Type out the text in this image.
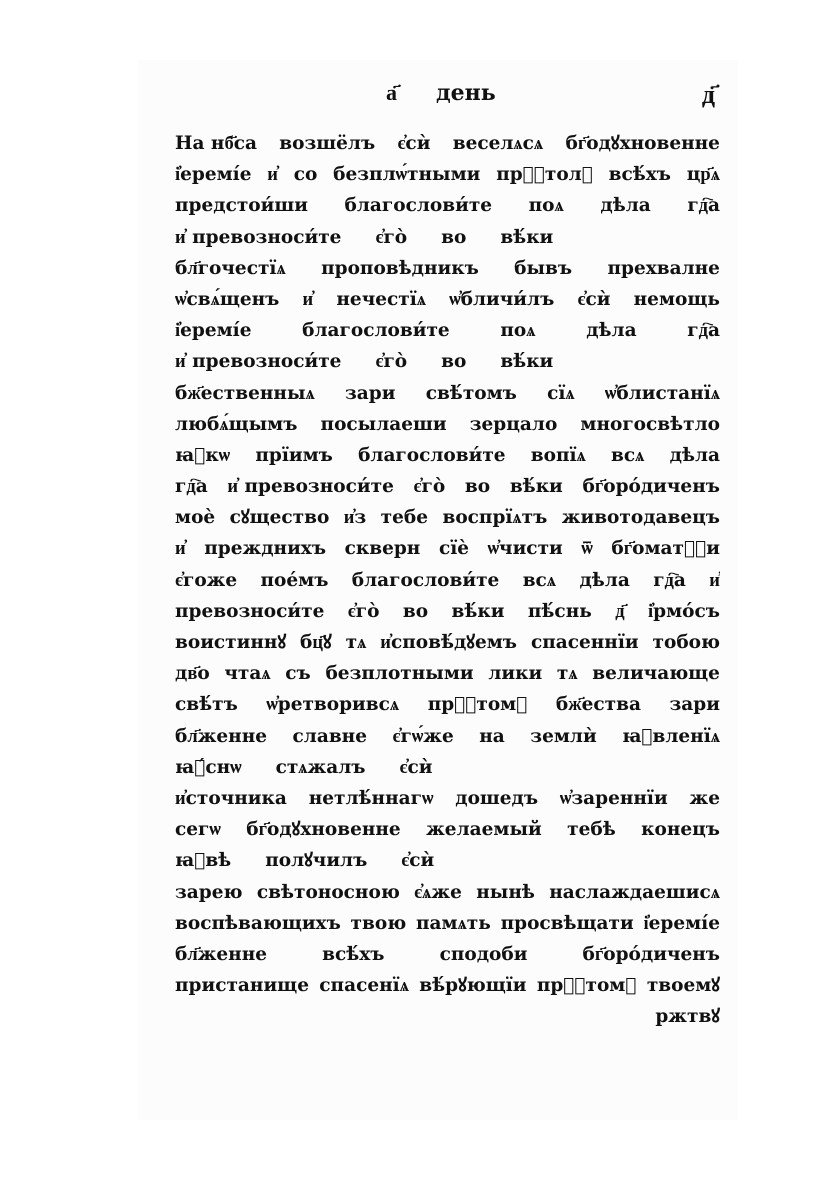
а҃ день	д҃
На нб҃са возшёлъ є҆сѝ веселѧсѧ бг҃одꙋхновенне
і҆еремі́е и҆ со безплѡ́тными прⷭ҇толꙋ всѣ́хъ цр҃ѧ
предстои́ши благослови́те поѧ дѣла гд҇а
и҆ превозноси́те є҆го̀ во вѣ́ки
бл҃гочестїѧ проповѣдникъ бывъ прехвалне
ѡ҆свѧ́щенъ и҆ нечестїѧ ѡ҆бличи́лъ є҆сѝ немощь
і҆еремі́е	благослови́те	поѧ	дѣла	гд҇а
и҆ превозноси́те є҆го̀ во вѣ́ки
бж҃ественныѧ зари свѣ́томъ сїѧ ѡ҆блистанїѧ
любѧ́щымъ посылаеши зерцало многосвѣтло
ꙗ҆кѡ прїимъ благослови́те вопїѧ всѧ дѣла
гд҇а и҆ превозноси́те є҆го̀ во вѣ́ки бг҃оро́диченъ
моѐ сꙋщество и҆з тебе воспрїѧтъ животодавецъ
и҆ прежднихъ скверн сїѐ ѡ҆чисти ѿ бг҃оматⷭ҇и
є҆гоже пое́мъ благослови́те всѧ дѣла гд҇а и҆
превозноси́те є҆го̀ во вѣ́ки пѣ́снь д҃ і҆рмо́съ
воистиннꙋ бц҃ꙋ тѧ и҆сповѣ́дꙋемъ спасеннїи тобою
дв҃о чтаѧ съ безплотными лики тѧ величающе
свѣ́тъ ѡ҆ретворивсѧ прⷭ҇томꙋ бж҃ества зари
бл҃женне славне є҆гѡ́же на землѝ ꙗ҆вленїѧ
ꙗ҆́снѡ стѧжалъ є҆сѝ
и҆сточника нетлѣ́ннагѡ дошедъ ѡ҆зареннїи же
сегѡ бг҃одꙋхновенне желаемый тебѣ конецъ
ꙗ҆вѣ полꙋчилъ є҆сѝ
зарею свѣтоносною є҆ѧже нынѣ наслаждаешисѧ
воспѣвающихъ твою памѧть просвѣщати і҆еремі́е
бл҃женне	всѣ́хъ	сподоби	бг҃оро́диченъ
пристанище спасенїѧ вѣ́рꙋющїи прⷭ҇томꙋ твоемꙋ
ржтвꙋ
